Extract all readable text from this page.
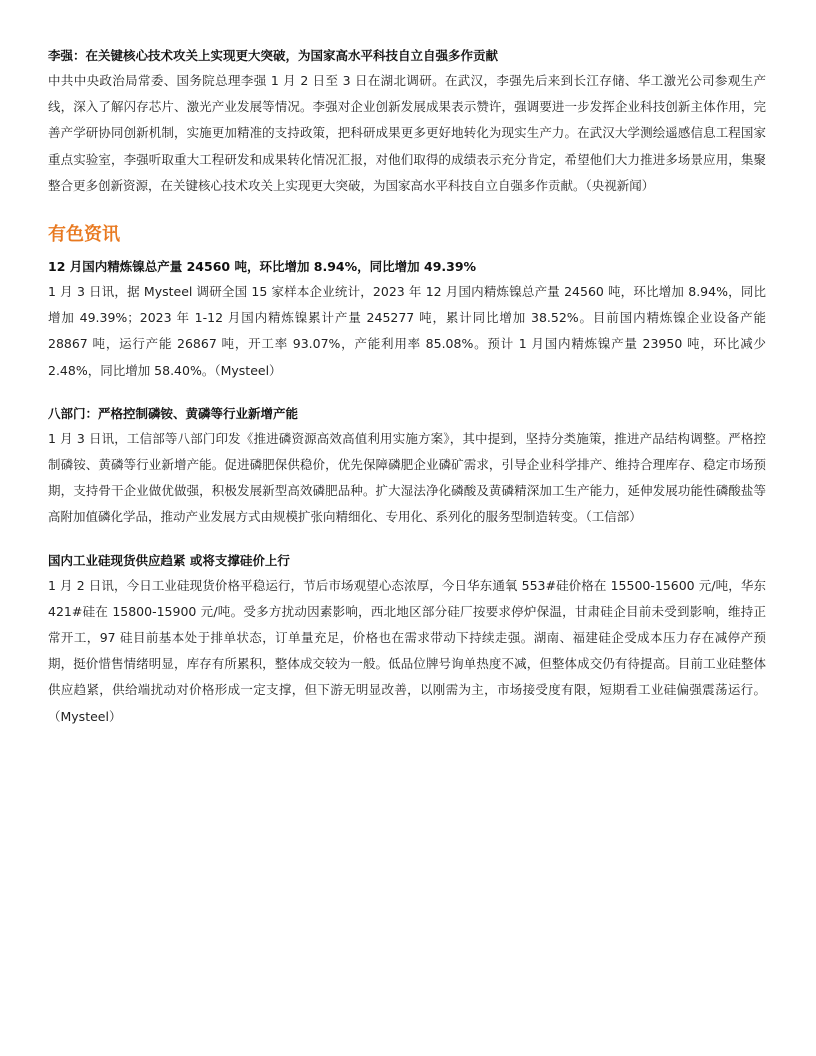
李强：在关键核心技术攻关上实现更大突破，为国家高水平科技自立自强多作贡献

中共中央政治局常委、国务院总理李强 1 月 2 日至 3 日在湖北调研。在武汉，李强先后来到长江存储、华工激光公司参观生产线，深入了解闪存芯片、激光产业发展等情况。李强对企业创新发展成果表示赞许，强调要进一步发挥企业科技创新主体作用，完善产学研协同创新机制，实施更加精准的支持政策，把科研成果更多更好地转化为现实生产力。在武汉大学测绘遥感信息工程国家重点实验室，李强听取重大工程研发和成果转化情况汇报，对他们取得的成绩表示充分肯定，希望他们大力推进多场景应用，集聚整合更多创新资源，在关键核心技术攻关上实现更大突破，为国家高水平科技自立自强多作贡献。（央视新闻）

有色资讯

12 月国内精炼镍总产量 24560 吨，环比增加 8.94%，同比增加 49.39%

1 月 3 日讯，据 Mysteel 调研全国 15 家样本企业统计，2023 年 12 月国内精炼镍总产量 24560 吨，环比增加 8.94%，同比增加 49.39%；2023 年 1-12 月国内精炼镍累计产量 245277 吨，累计同比增加 38.52%。目前国内精炼镍企业设备产能 28867 吨，运行产能 26867 吨，开工率 93.07%，产能利用率 85.08%。预计 1 月国内精炼镍产量 23950 吨，环比减少 2.48%，同比增加 58.40%。（Mysteel）

八部门：严格控制磷铵、黄磷等行业新增产能

1 月 3 日讯，工信部等八部门印发《推进磷资源高效高值利用实施方案》，其中提到，坚持分类施策，推进产品结构调整。严格控制磷铵、黄磷等行业新增产能。促进磷肥保供稳价，优先保障磷肥企业磷矿需求，引导企业科学排产、维持合理库存、稳定市场预期，支持骨干企业做优做强，积极发展新型高效磷肥品种。扩大湿法净化磷酸及黄磷精深加工生产能力，延伸发展功能性磷酸盐等高附加值磷化学品，推动产业发展方式由规模扩张向精细化、专用化、系列化的服务型制造转变。（工信部）

国内工业硅现货供应趋紧 或将支撑硅价上行

1 月 2 日讯，今日工业硅现货价格平稳运行，节后市场观望心态浓厚，今日华东通氧 553#硅价格在 15500-15600 元/吨，华东 421#硅在 15800-15900 元/吨。受多方扰动因素影响，西北地区部分硅厂按要求停炉保温，甘肃硅企目前未受到影响，维持正常开工，97 硅目前基本处于排单状态，订单量充足，价格也在需求带动下持续走强。湖南、福建硅企受成本压力存在减停产预期，挺价惜售情绪明显，库存有所累积，整体成交较为一般。低品位牌号询单热度不减，但整体成交仍有待提高。目前工业硅整体供应趋紧，供给端扰动对价格形成一定支撑，但下游无明显改善，以刚需为主，市场接受度有限，短期看工业硅偏强震荡运行。（Mysteel）
